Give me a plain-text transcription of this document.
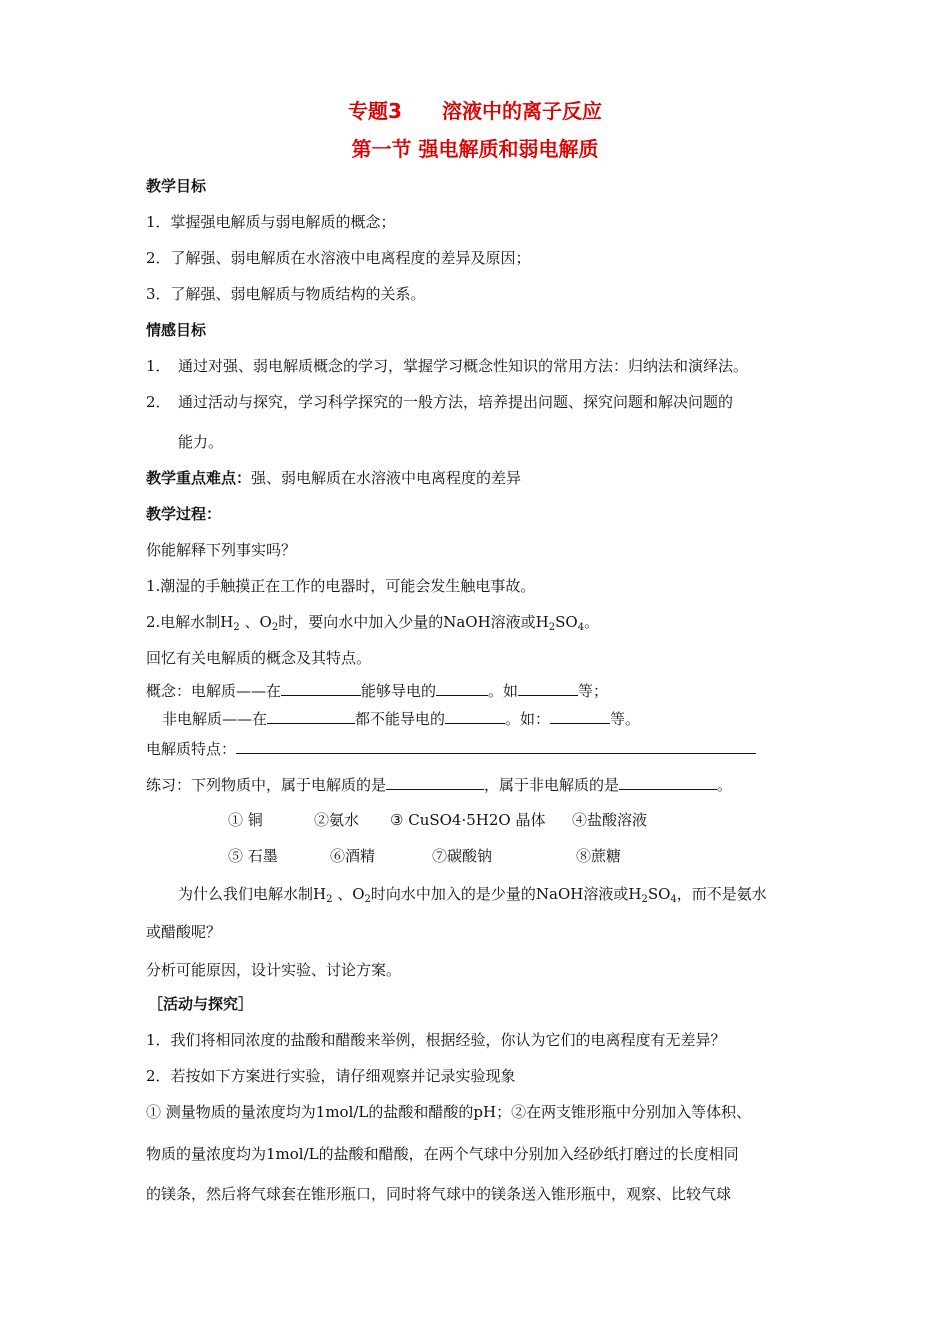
专题3　　溶液中的离子反应
第一节 强电解质和弱电解质
教学目标
1．掌握强电解质与弱电解质的概念；
2．了解强、弱电解质在水溶液中电离程度的差异及原因；
3．了解强、弱电解质与物质结构的关系。
情感目标
1． 通过对强、弱电解质概念的学习，掌握学习概念性知识的常用方法：归纳法和演绎法。
2． 通过活动与探究，学习科学探究的一般方法，培养提出问题、探究问题和解决问题的
能力。
教学重点难点：强、弱电解质在水溶液中电离程度的差异
教学过程：
你能解释下列事实吗？
1.潮湿的手触摸正在工作的电器时，可能会发生触电事故。
2.电解水制$H_2$ 、$O_2$时，要向水中加入少量的NaOH溶液或$H_2SO_4$。
回忆有关电解质的概念及其特点。
概念：电解质——在	能够导电的	。如	等；
非电解质——在	都不能导电的	。如：	等。
电解质特点：
练习：下列物质中，属于电解质的是	，属于非电解质的是	。
① 铜	②氨水 ③ CuSO4·5H2O 晶体 ④盐酸溶液
⑤ 石墨	⑥酒精	⑦碳酸钠	⑧蔗糖
为什么我们电解水制$H_2$ 、$O_2$时向水中加入的是少量的NaOH溶液或$H_2SO_4$，而不是氨水
或醋酸呢？
分析可能原因，设计实验、讨论方案。
［活动与探究］
1．我们将相同浓度的盐酸和醋酸来举例，根据经验，你认为它们的电离程度有无差异？
2．若按如下方案进行实验，请仔细观察并记录实验现象
① 测量物质的量浓度均为1mol/L的盐酸和醋酸的pH；②在两支锥形瓶中分别加入等体积、
物质的量浓度均为1mol/L的盐酸和醋酸，在两个气球中分别加入经砂纸打磨过的长度相同
的镁条，然后将气球套在锥形瓶口，同时将气球中的镁条送入锥形瓶中，观察、比较气球
